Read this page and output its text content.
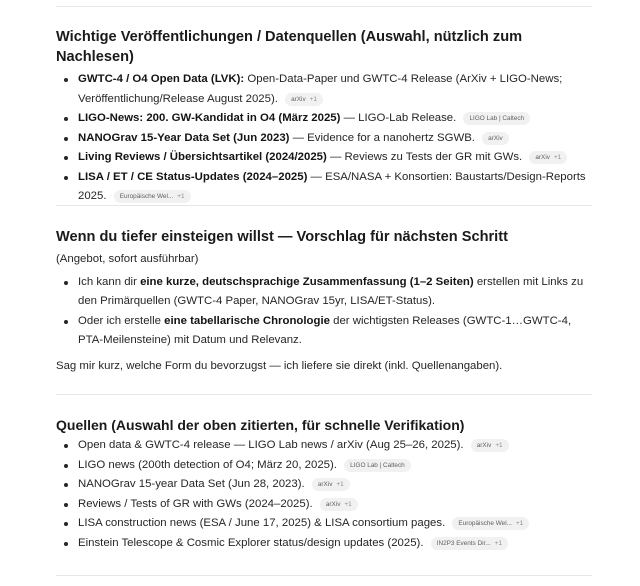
Wichtige Veröffentlichungen / Datenquellen (Auswahl, nützlich zum Nachlesen)
GWTC-4 / O4 Open Data (LVK): Open-Data-Paper und GWTC-4 Release (ArXiv + LIGO-News; Veröffentlichung/Release August 2025). arXiv +1
LIGO-News: 200. GW-Kandidat in O4 (März 2025) — LIGO-Lab Release. LIGO Lab | Caltech
NANOGrav 15-Year Data Set (Jun 2023) — Evidence for a nanohertz SGWB. arXiv
Living Reviews / Übersichtsartikel (2024/2025) — Reviews zu Tests der GR mit GWs. arXiv +1
LISA / ET / CE Status-Updates (2024–2025) — ESA/NASA + Konsortien: Baustarts/Design-Reports 2025. Europäische Wel... +1
Wenn du tiefer einsteigen willst — Vorschlag für nächsten Schritt

(Angebot, sofort ausführbar)

Ich kann dir eine kurze, deutschsprachige Zusammenfassung (1–2 Seiten) erstellen mit Links zu den Primärquellen (GWTC-4 Paper, NANOGrav 15yr, LISA/ET-Status).
Oder ich erstelle eine tabellarische Chronologie der wichtigsten Releases (GWTC-1…GWTC-4, PTA-Meilensteine) mit Datum und Relevanz.

Sag mir kurz, welche Form du bevorzugst — ich liefere sie direkt (inkl. Quellenangaben).

Quellen (Auswahl der oben zitierten, für schnelle Verifikation)
Open data & GWTC-4 release — LIGO Lab news / arXiv (Aug 25–26, 2025). arXiv +1
LIGO news (200th detection of O4; März 20, 2025). LIGO Lab | Caltech
NANOGrav 15-year Data Set (Jun 28, 2023). arXiv +1
Reviews / Tests of GR with GWs (2024–2025). arXiv +1
LISA construction news (ESA / June 17, 2025) & LISA consortium pages. Europäische Wel... +1
Einstein Telescope & Cosmic Explorer status/design updates (2025). IN2P3 Events Dir... +1
